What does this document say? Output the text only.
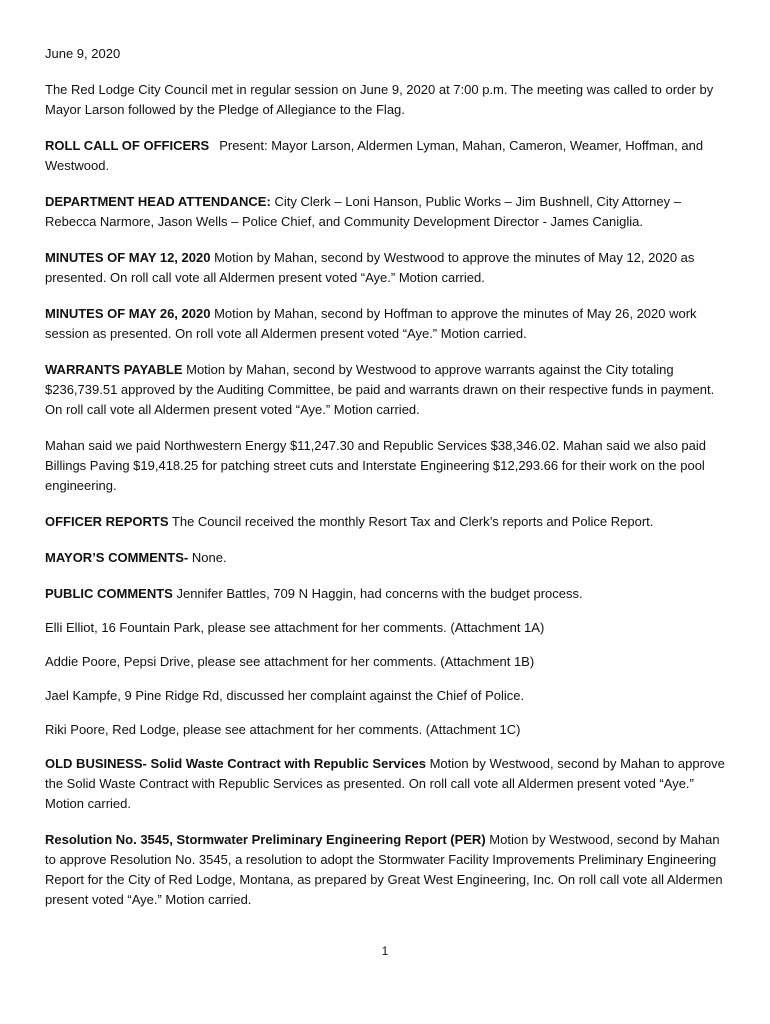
June 9, 2020

The Red Lodge City Council met in regular session on June 9, 2020 at 7:00 p.m. The meeting was called to order by Mayor Larson followed by the Pledge of Allegiance to the Flag.

ROLL CALL OF OFFICERS Present: Mayor Larson, Aldermen Lyman, Mahan, Cameron, Weamer, Hoffman, and Westwood.

DEPARTMENT HEAD ATTENDANCE: City Clerk – Loni Hanson, Public Works – Jim Bushnell, City Attorney – Rebecca Narmore, Jason Wells – Police Chief, and Community Development Director - James Caniglia.

MINUTES OF MAY 12, 2020 Motion by Mahan, second by Westwood to approve the minutes of May 12, 2020 as presented. On roll call vote all Aldermen present voted “Aye.” Motion carried.

MINUTES OF MAY 26, 2020 Motion by Mahan, second by Hoffman to approve the minutes of May 26, 2020 work session as presented. On roll vote all Aldermen present voted “Aye.” Motion carried.

WARRANTS PAYABLE Motion by Mahan, second by Westwood to approve warrants against the City totaling $236,739.51 approved by the Auditing Committee, be paid and warrants drawn on their respective funds in payment. On roll call vote all Aldermen present voted “Aye.” Motion carried.

Mahan said we paid Northwestern Energy $11,247.30 and Republic Services $38,346.02. Mahan said we also paid Billings Paving $19,418.25 for patching street cuts and Interstate Engineering $12,293.66 for their work on the pool engineering.

OFFICER REPORTS The Council received the monthly Resort Tax and Clerk’s reports and Police Report.

MAYOR’S COMMENTS- None.

PUBLIC COMMENTS Jennifer Battles, 709 N Haggin, had concerns with the budget process.

Elli Elliot, 16 Fountain Park, please see attachment for her comments. (Attachment 1A)

Addie Poore, Pepsi Drive, please see attachment for her comments. (Attachment 1B)

Jael Kampfe, 9 Pine Ridge Rd, discussed her complaint against the Chief of Police.

Riki Poore, Red Lodge, please see attachment for her comments. (Attachment 1C)

OLD BUSINESS- Solid Waste Contract with Republic Services Motion by Westwood, second by Mahan to approve the Solid Waste Contract with Republic Services as presented. On roll call vote all Aldermen present voted “Aye.” Motion carried.

Resolution No. 3545, Stormwater Preliminary Engineering Report (PER) Motion by Westwood, second by Mahan to approve Resolution No. 3545, a resolution to adopt the Stormwater Facility Improvements Preliminary Engineering Report for the City of Red Lodge, Montana, as prepared by Great West Engineering, Inc. On roll call vote all Aldermen present voted “Aye.” Motion carried.

1
